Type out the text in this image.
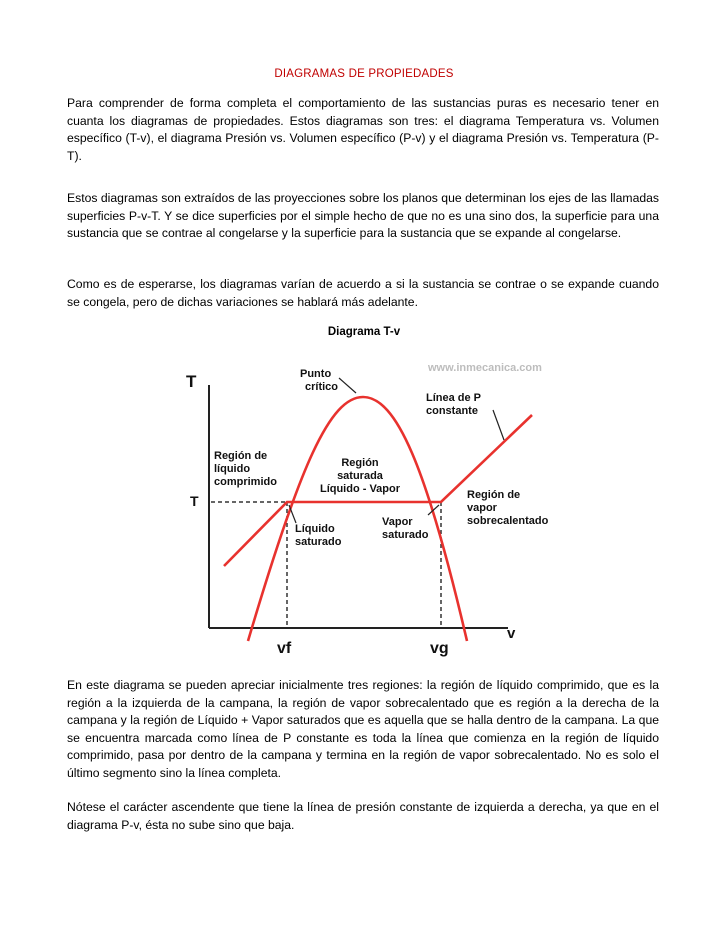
DIAGRAMAS DE PROPIEDADES

Para comprender de forma completa el comportamiento de las sustancias puras es necesario tener en cuanta los diagramas de propiedades. Estos diagramas son tres: el diagrama Temperatura vs. Volumen específico (T-v), el diagrama Presión vs. Volumen específico (P-v) y el diagrama Presión vs. Temperatura (P-T).

Estos diagramas son extraídos de las proyecciones sobre los planos que determinan los ejes de las llamadas superficies P-v-T. Y se dice superficies por el simple hecho de que no es una sino dos, la superficie para una sustancia que se contrae al congelarse y la superficie para la sustancia que se expande al congelarse.

Como es de esperarse, los diagramas varían de acuerdo a si la sustancia se contrae o se expande cuando se congela, pero de dichas variaciones se hablará más adelante.

Diagrama T-v
www.inmecanica.com
T
v
T
vf	vg
Punto
crítico
Línea de P
constante
Región de
líquido
comprimido
Región
saturada
Líquido - Vapor	Región de
vapor
sobrecalentado
Líquido
saturado
Vapor
saturado

En este diagrama se pueden apreciar inicialmente tres regiones: la región de líquido comprimido, que es la región a la izquierda de la campana, la región de vapor sobrecalentado que es región a la derecha de la campana y la región de Líquido + Vapor saturados que es aquella que se halla dentro de la campana. La que se encuentra marcada como línea de P constante es toda la línea que comienza en la región de líquido comprimido, pasa por dentro de la campana y termina en la región de vapor sobrecalentado. No es solo el último segmento sino la línea completa.

Nótese el carácter ascendente que tiene la línea de presión constante de izquierda a derecha, ya que en el diagrama P-v, ésta no sube sino que baja.
